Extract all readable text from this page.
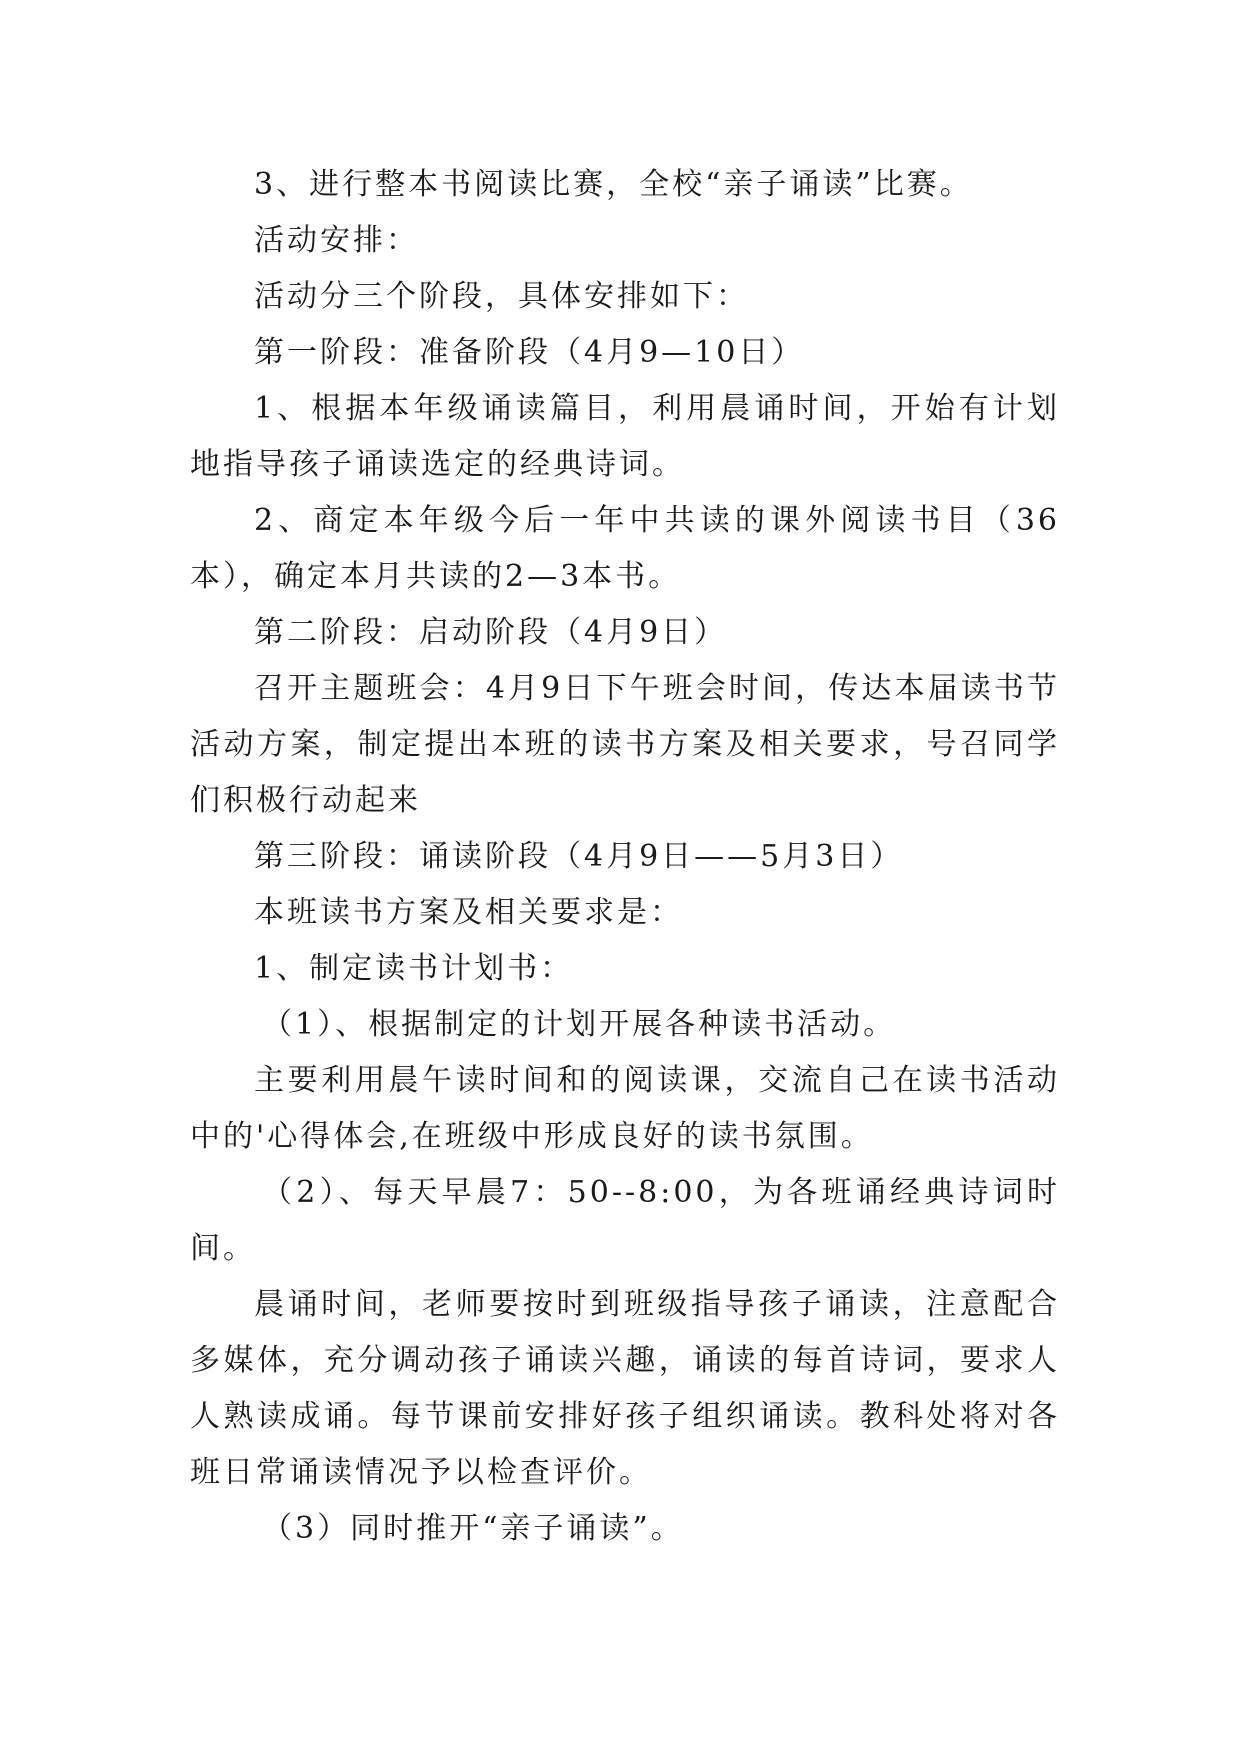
3、进行整本书阅读比赛，全校“亲子诵读”比赛。

活动安排：

活动分三个阶段，具体安排如下：

第一阶段：准备阶段（4月9—10日）

1、根据本年级诵读篇目，利用晨诵时间，开始有计划地指导孩子诵读选定的经典诗词。

2、商定本年级今后一年中共读的课外阅读书目（36本），确定本月共读的2—3本书。

第二阶段：启动阶段（4月9日）

召开主题班会：4月9日下午班会时间，传达本届读书节活动方案，制定提出本班的读书方案及相关要求，号召同学们积极行动起来

第三阶段：诵读阶段（4月9日——5月3日）

本班读书方案及相关要求是：

1、制定读书计划书：

（1）、根据制定的计划开展各种读书活动。

主要利用晨午读时间和的阅读课，交流自己在读书活动中的'心得体会,在班级中形成良好的读书氛围。

（2）、每天早晨7：50--8:00，为各班诵经典诗词时间。

晨诵时间，老师要按时到班级指导孩子诵读，注意配合多媒体，充分调动孩子诵读兴趣，诵读的每首诗词，要求人人熟读成诵。每节课前安排好孩子组织诵读。教科处将对各班日常诵读情况予以检查评价。

（3）同时推开“亲子诵读”。
